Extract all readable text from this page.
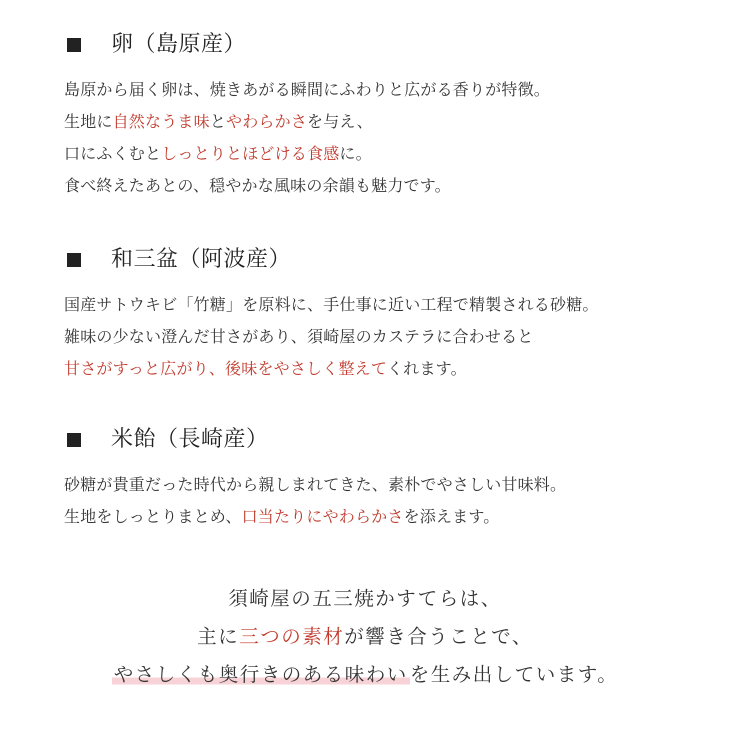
卵（島原産）
島原から届く卵は、焼きあがる瞬間にふわりと広がる香りが特徴。
生地に自然なうま味とやわらかさを与え、
口にふくむとしっとりとほどける食感に。
食べ終えたあとの、穏やかな風味の余韻も魅力です。
和三盆（阿波産）
国産サトウキビ「竹糖」を原料に、手仕事に近い工程で精製される砂糖。
雑味の少ない澄んだ甘さがあり、須崎屋のカステラに合わせると
甘さがすっと広がり、後味をやさしく整えてくれます。
米飴（長崎産）
砂糖が貴重だった時代から親しまれてきた、素朴でやさしい甘味料。
生地をしっとりまとめ、口当たりにやわらかさを添えます。
須崎屋の五三焼かすてらは、
主に三つの素材が響き合うことで、
やさしくも奥行きのある味わい を生み出しています。
